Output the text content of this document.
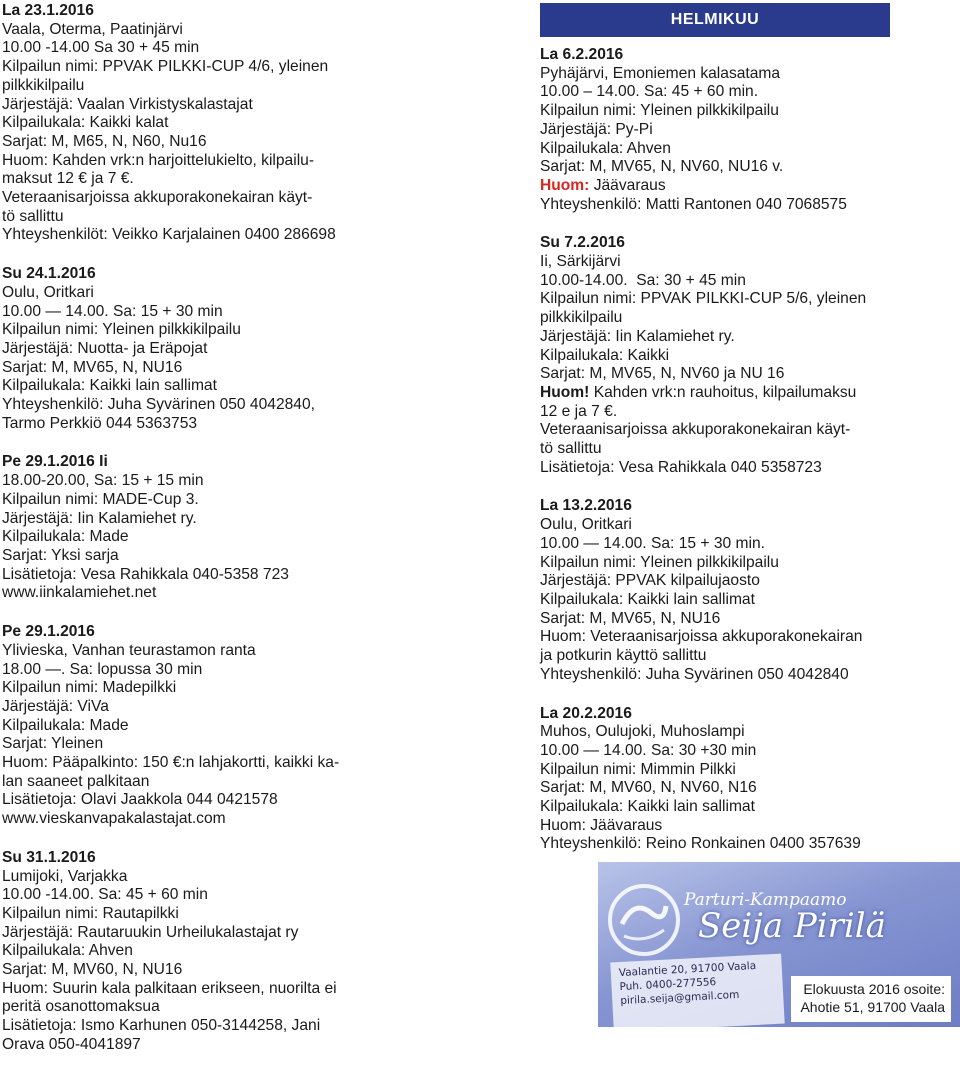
La 23.1.2016
Vaala, Oterma, Paatinjärvi
10.00 -14.00 Sa 30 + 45 min
Kilpailun nimi: PPVAK PILKKI-CUP 4/6, yleinen
pilkkikilpailu
Järjestäjä: Vaalan Virkistyskalastajat
Kilpailukala: Kaikki kalat
Sarjat: M, M65, N, N60, Nu16
Huom: Kahden vrk:n harjoittelukielto, kilpailu-
maksut 12 € ja 7 €.
Veteraanisarjoissa akkuporakonekairan käyt-
tö sallittu
Yhteyshenkilöt: Veikko Karjalainen 0400 286698
Su 24.1.2016
Oulu, Oritkari
10.00 — 14.00. Sa: 15 + 30 min
Kilpailun nimi: Yleinen pilkkikilpailu
Järjestäjä: Nuotta- ja Eräpojat
Sarjat: M, MV65, N, NU16
Kilpailukala: Kaikki lain sallimat
Yhteyshenkilö: Juha Syvärinen 050 4042840,
Tarmo Perkkiö 044 5363753
Pe 29.1.2016 Ii
18.00-20.00, Sa: 15 + 15 min
Kilpailun nimi: MADE-Cup 3.
Järjestäjä: Iin Kalamiehet ry.
Kilpailukala: Made
Sarjat: Yksi sarja
Lisätietoja: Vesa Rahikkala 040-5358 723
www.iinkalamiehet.net
Pe 29.1.2016
Ylivieska, Vanhan teurastamon ranta
18.00 —. Sa: lopussa 30 min
Kilpailun nimi: Madepilkki
Järjestäjä: ViVa
Kilpailukala: Made
Sarjat: Yleinen
Huom: Pääpalkinto: 150 €:n lahjakortti, kaikki ka-
lan saaneet palkitaan
Lisätietoja: Olavi Jaakkola 044 0421578
www.vieskanvapakalastajat.com
Su 31.1.2016
Lumijoki, Varjakka
10.00 -14.00. Sa: 45 + 60 min
Kilpailun nimi: Rautapilkki
Järjestäjä: Rautaruukin Urheilukalastajat ry
Kilpailukala: Ahven
Sarjat: M, MV60, N, NU16
Huom: Suurin kala palkitaan erikseen, nuorilta ei
peritä osanottomaksua
Lisätietoja: Ismo Karhunen 050-3144258, Jani
Orava 050-4041897
HELMIKUU
La 6.2.2016
Pyhäjärvi, Emoniemen kalasatama
10.00 – 14.00. Sa: 45 + 60 min.
Kilpailun nimi: Yleinen pilkkikilpailu
Järjestäjä: Py-Pi
Kilpailukala: Ahven
Sarjat: M, MV65, N, NV60, NU16 v.
Huom: Jäävaraus
Yhteyshenkilö: Matti Rantonen 040 7068575
Su 7.2.2016
Ii, Särkijärvi
10.00-14.00.  Sa: 30 + 45 min
Kilpailun nimi: PPVAK PILKKI-CUP 5/6, yleinen
pilkkikilpailu
Järjestäjä: Iin Kalamiehet ry.
Kilpailukala: Kaikki
Sarjat: M, MV65, N, NV60 ja NU 16
Huom! Kahden vrk:n rauhoitus, kilpailumaksu
12 e ja 7 €.
Veteraanisarjoissa akkuporakonekairan käyt-
tö sallittu
Lisätietoja: Vesa Rahikkala 040 5358723
La 13.2.2016
Oulu, Oritkari
10.00 — 14.00. Sa: 15 + 30 min.
Kilpailun nimi: Yleinen pilkkikilpailu
Järjestäjä: PPVAK kilpailujaosto
Kilpailukala: Kaikki lain sallimat
Sarjat: M, MV65, N, NU16
Huom: Veteraanisarjoissa akkuporakonekairan
ja potkurin käyttö sallittu
Yhteyshenkilö: Juha Syvärinen 050 4042840
La 20.2.2016
Muhos, Oulujoki, Muhoslampi
10.00 — 14.00. Sa: 30 +30 min
Kilpailun nimi: Mimmin Pilkki
Sarjat: M, MV60, N, NV60, N16
Kilpailukala: Kaikki lain sallimat
Huom: Jäävaraus
Yhteyshenkilö: Reino Ronkainen 0400 357639
Parturi-Kampaamo
Seija Pirilä
Vaalantie 20, 91700 Vaala
Puh. 0400-277556
pirila.seija@gmail.com	Elokuusta 2016 osoite:
Ahotie 51, 91700 Vaala
